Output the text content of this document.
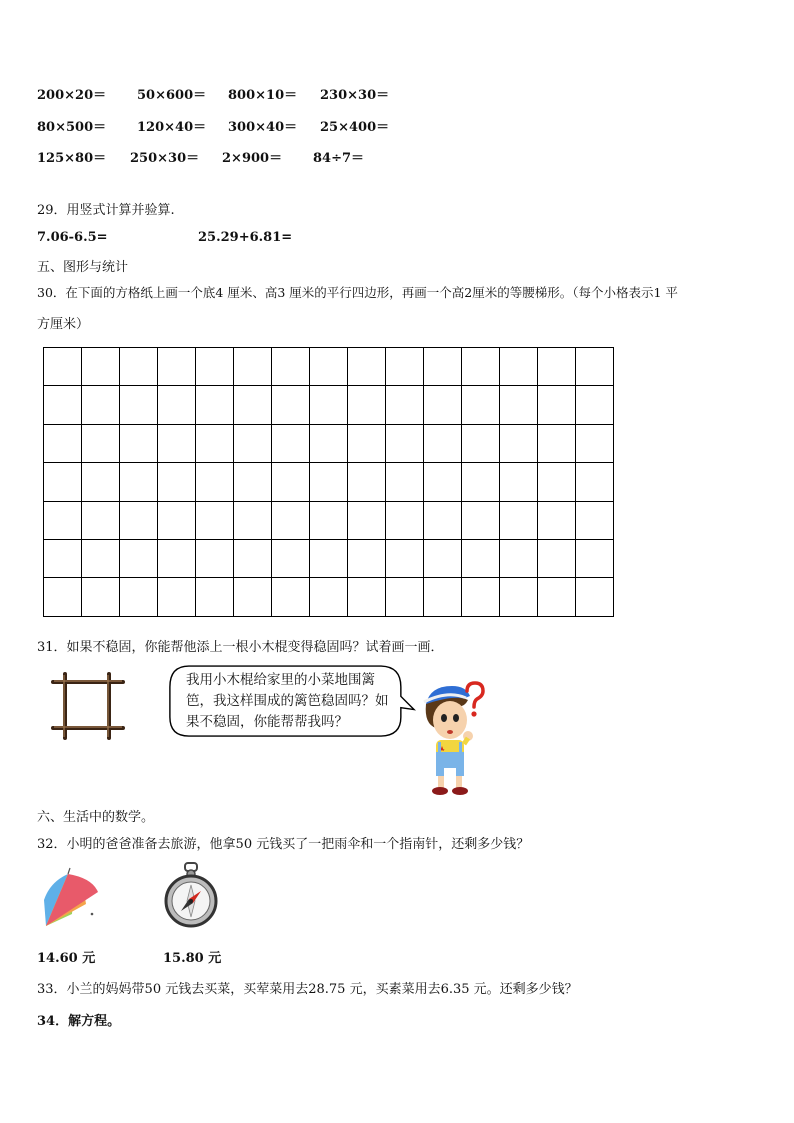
200×20＝ 50×600＝ 800×10＝ 230×30＝
80×500＝ 120×40＝ 300×40＝ 25×400＝
125×80＝ 250×30＝ 2×900＝ 84÷7＝
29．用竖式计算并验算.
7.06-6.5=	25.29+6.81=
五、图形与统计
30．在下面的方格纸上画一个底4 厘米、高3 厘米的平行四边形，再画一个高2厘米的等腰梯形。（每个小格表示1 平
方厘米）

31．如果不稳固，你能帮他添上一根小木棍变得稳固吗？试着画一画．
我用小木棍给家里的小菜地围篱笆，我这样围成的篱笆稳固吗？如果不稳固，你能帮帮我吗？
六、生活中的数学。
32．小明的爸爸准备去旅游，他拿50 元钱买了一把雨伞和一个指南针，还剩多少钱？
14.60 元	15.80 元
33．小兰的妈妈带50 元钱去买菜，买荤菜用去28.75 元，买素菜用去6.35 元。还剩多少钱？
34．解方程。
